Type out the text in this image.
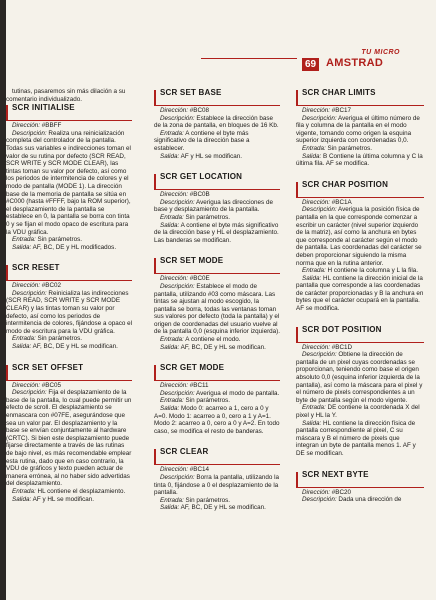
TU MICRO
69 AMSTRAD

tutinas, pasaremos sin más dilación a su comentario individualizado.

SCR INITIALISE

Dirección: #BBFF

Descripción: Realiza una reinicialización completa del controlador de la pantalla. Todas sus variables e indirecciones toman el valor de su rutina por defecto (SCR READ, SCR WRITE y SCR MODE CLEAR), las tintas toman su valor por defecto, así como los periodos de intermitencia de colores y el modo de pantalla (MODE 1). La dirección base de la memoria de pantalla se sitúa en #C000 (hasta #FFFF, bajo la ROM superior), el desplazamiento de la pantalla se establece en 0, la pantalla se borra con tinta 0 y se fijan el modo opaco de escritura para la VDU gráfica.

Entrada: Sin parámetros.

Salida: AF, BC, DE y HL modificados.

SCR RESET

Dirección: #BC02

Descripción: Reinicializa las indirecciones (SCR READ, SCR WRITE y SCR MODE CLEAR) y las tintas toman su valor por defecto, así como los periodos de intermitencia de colores, fijándose a opaco el modo de escritura para la VDU gráfica.

Entrada: Sin parámetros.

Salida: AF, BC, DE y HL se modifican.

SCR SET OFFSET

Dirección: #BC05

Descripción: Fija el desplazamiento de la base de la pantalla, lo cual puede permitir un efecto de scroll. El desplazamiento se enmascara con #07FE, asegurándose que sea un valor par. El desplazamiento y la base se envían conjuntamente al hardware (CRTC). Si bien este desplazamiento puede fijarse directamente a través de las rutinas de bajo nivel, es más recomendable emplear esta rutina, dado que en caso contrario, la VDU de gráficos y texto pueden actuar de manera errónea, al no haber sido advertidas del desplazamiento.

Entrada: HL contiene el desplazamiento.

Salida: AF y HL se modifican.

SCR SET BASE

Dirección: #BC08

Descripción: Establece la dirección base de la zona de pantalla, en bloques de 16 Kb.

Entrada: A contiene el byte más significativo de la dirección base a establecer.

Salida: AF y HL se modifican.

SCR GET LOCATION

Dirección: #BC0B

Descripción: Averigua las direcciones de base y desplazamiento de la pantalla.

Entrada: Sin parámetros.

Salida: A contiene el byte más significativo de la dirección base y HL el desplazamiento. Las banderas se modifican.

SCR SET MODE

Dirección: #BC0E

Descripción: Establece el modo de pantalla, utilizando #03 como máscara. Las tintas se ajustan al modo escogido, la pantalla se borra, todas las ventanas toman sus valores por defecto (toda la pantalla) y el origen de coordenadas del usuario vuelve al de la pantalla 0,0 (esquina inferior izquierda).

Entrada: A contiene el modo.

Salida: AF, BC, DE y HL se modifican.

SCR GET MODE

Dirección: #BC11

Descripción: Averigua el modo de pantalla.

Entrada: Sin parámetros.

Salida: Modo 0: acarreo a 1, cero a 0 y A=0. Modo 1: acarreo a 0, cero a 1 y A=1. Modo 2: acarreo a 0, cero a 0 y A=2. En todo caso, se modifica el resto de banderas.

SCR CLEAR

Dirección: #BC14

Descripción: Borra la pantalla, utilizando la tinta 0, fijándose a 0 el desplazamiento de la pantalla.

Entrada: Sin parámetros.

Salida: AF, BC, DE y HL se modifican.

SCR CHAR LIMITS

Dirección: #BC17

Descripción: Averigua el último número de fila y columna de la pantalla en el modo vigente, tomando como origen la esquina superior izquierda con coordenadas 0,0.

Entrada: Sin parámetros.

Salida: B Contiene la última columna y C la última fila. AF se modifica.

SCR CHAR POSITION

Dirección: #BC1A

Descripción: Averigua la posición física de pantalla en la que corresponde comenzar a escribir un carácter (nivel superior izquierdo de la matriz), así como la anchura en bytes que corresponde al carácter según el modo de pantalla. Las coordenadas del carácter se deben proporcionar siguiendo la misma norma que en la rutina anterior.

Entrada: H contiene la columna y L la fila.

Salida: HL contiene la dirección inicial de la pantalla que corresponde a las coordenadas de carácter proporcionadas y B la anchura en bytes que el carácter ocupará en la pantalla. AF se modifica.

SCR DOT POSITION

Dirección: #BC1D

Descripción: Obtiene la dirección de pantalla de un pixel cuyas coordenadas se proporcionan, teniendo como base el origen absoluto 0,0 (esquina inferior izquierda de la pantalla), así como la máscara para el pixel y el número de pixels correspondientes a un byte de pantalla según el modo vigente.

Entrada: DE contiene la coordenada X del pixel y HL la Y.

Salida: HL contiene la dirección física de pantalla correspondiente al pixel, C su máscara y B el número de pixels que integran un byte de pantalla menos 1. AF y DE se modifican.

SCR NEXT BYTE

Dirección: #BC20

Descripción: Dada una dirección de
